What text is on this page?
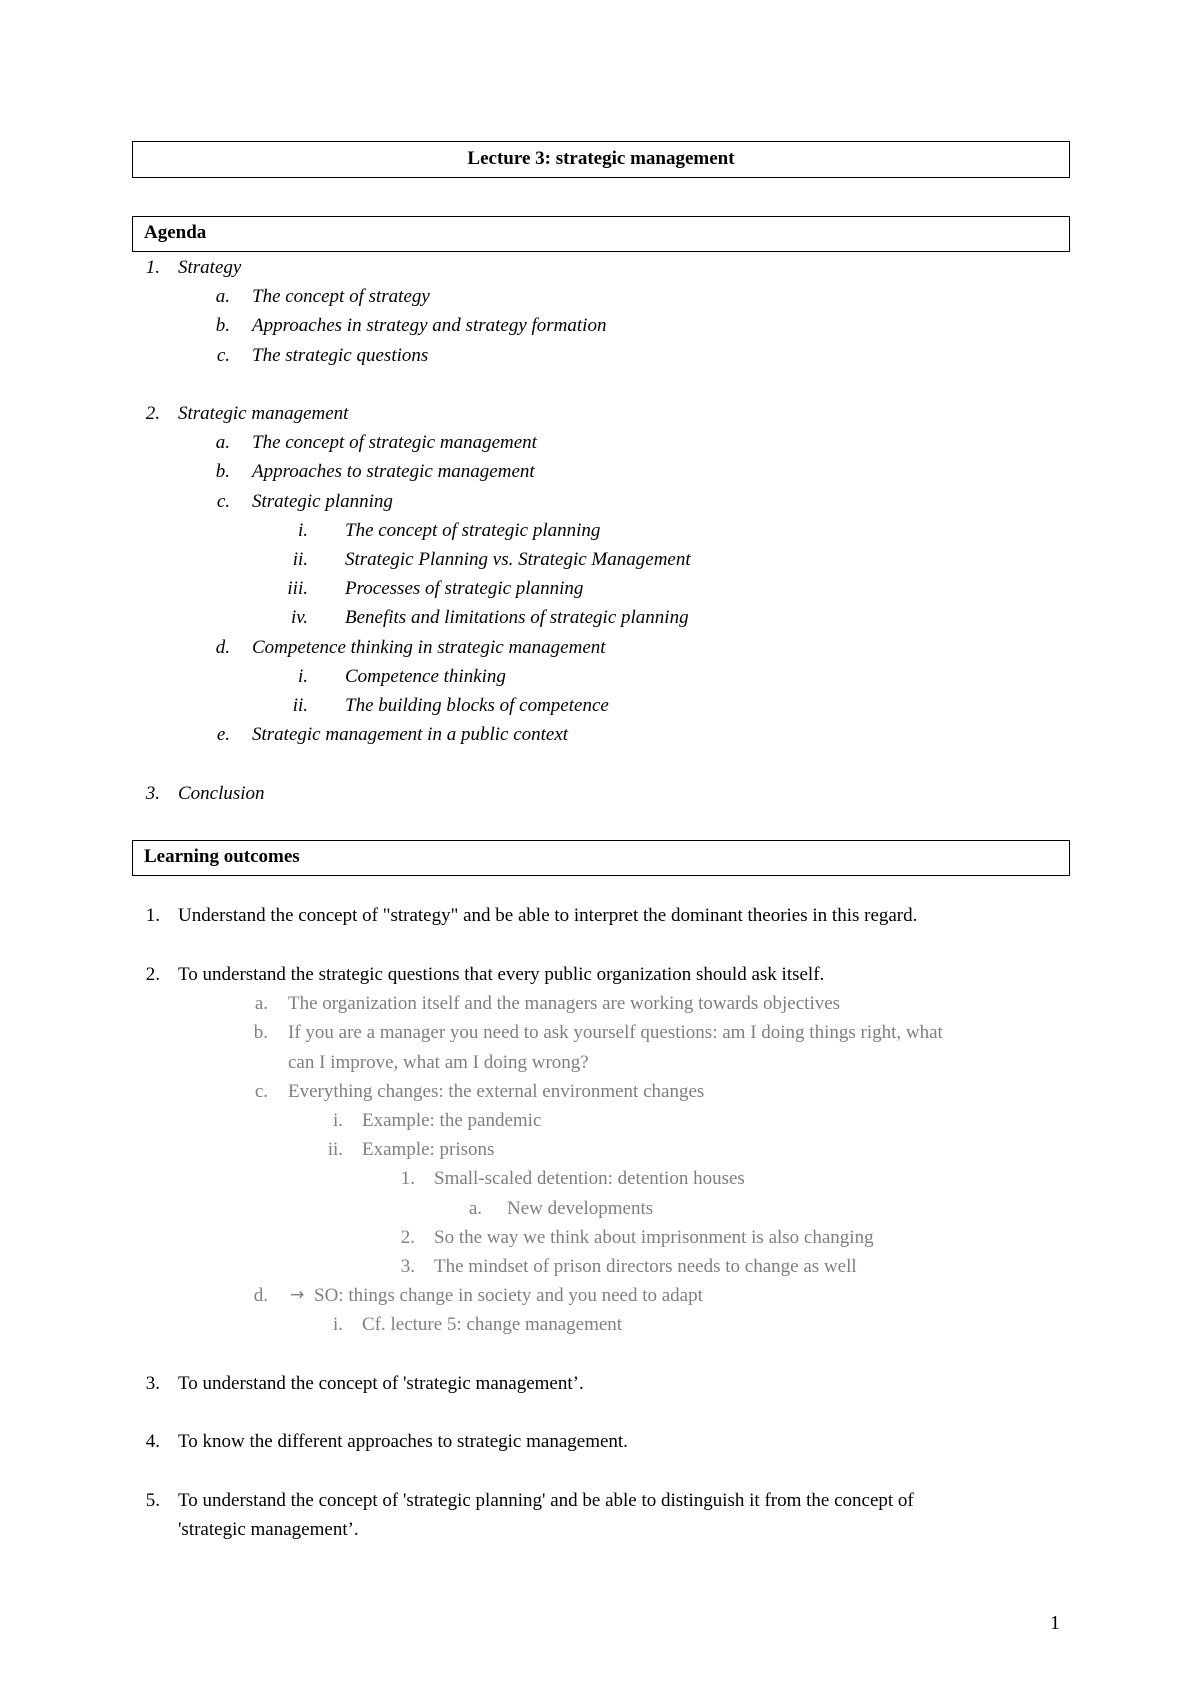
Lecture 3: strategic management
Agenda
1. Strategy
a. The concept of strategy
b. Approaches in strategy and strategy formation
c. The strategic questions
2. Strategic management
a. The concept of strategic management
b. Approaches to strategic management
c. Strategic planning
i. The concept of strategic planning
ii. Strategic Planning vs. Strategic Management
iii. Processes of strategic planning
iv. Benefits and limitations of strategic planning
d. Competence thinking in strategic management
i. Competence thinking
ii. The building blocks of competence
e. Strategic management in a public context
3. Conclusion
Learning outcomes
1. Understand the concept of "strategy" and be able to interpret the dominant theories in this regard.
2. To understand the strategic questions that every public organization should ask itself.
a. The organization itself and the managers are working towards objectives
b. If you are a manager you need to ask yourself questions: am I doing things right, what
can I improve, what am I doing wrong?
c. Everything changes: the external environment changes
i. Example: the pandemic
ii. Example: prisons
1. Small-scaled detention: detention houses
a. New developments
2. So the way we think about imprisonment is also changing
3. The mindset of prison directors needs to change as well
d. → SO: things change in society and you need to adapt
i. Cf. lecture 5: change management
3. To understand the concept of 'strategic management’.
4. To know the different approaches to strategic management.
5. To understand the concept of 'strategic planning' and be able to distinguish it from the concept of
'strategic management’.
1
